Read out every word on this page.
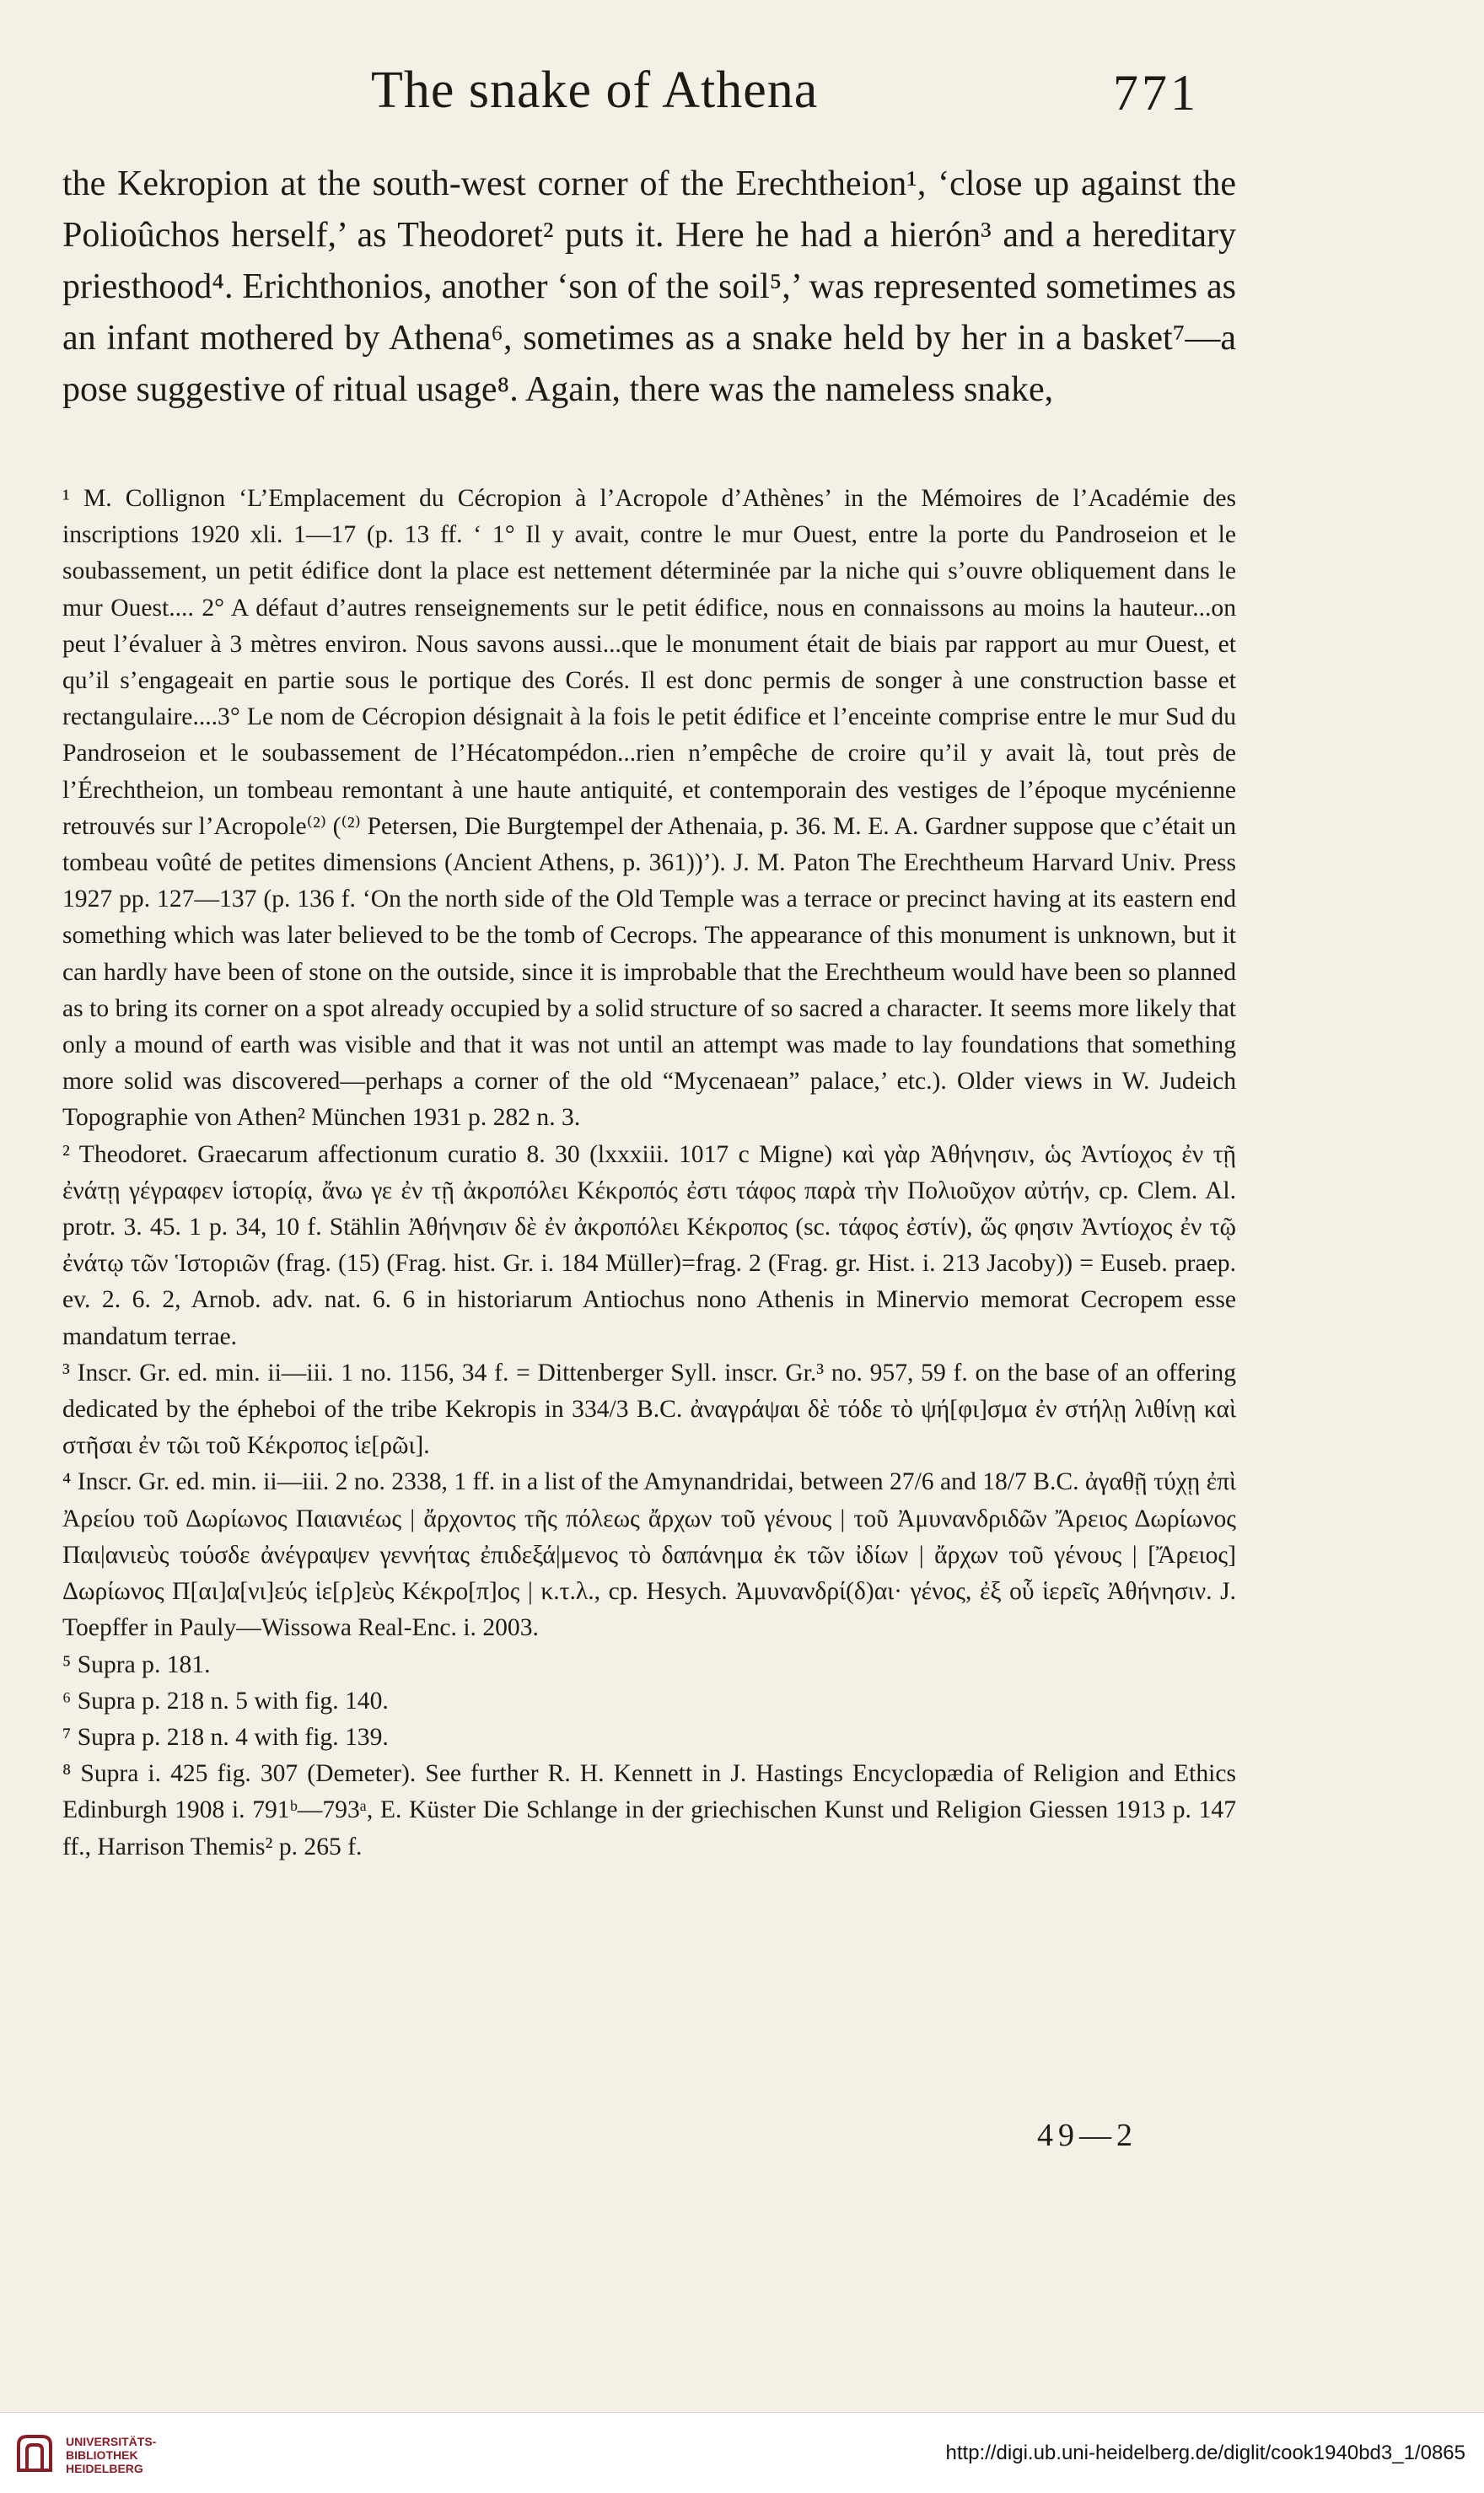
The snake of Athena	771

the Kekropion at the south-west corner of the Erechtheion¹, ‘close up against the Polioûchos herself,’ as Theodoret² puts it. Here he had a hierón³ and a hereditary priesthood⁴. Erichthonios, another ‘son of the soil⁵,’ was represented sometimes as an infant mothered by Athena⁶, sometimes as a snake held by her in a basket⁷—a pose suggestive of ritual usage⁸. Again, there was the nameless snake,

¹ M. Collignon ‘L’Emplacement du Cécropion à l’Acropole d’Athènes’ in the Mémoires de l’Académie des inscriptions 1920 xli. 1—17 (p. 13 ff. ‘ 1° Il y avait, contre le mur Ouest, entre la porte du Pandroseion et le soubassement, un petit édifice dont la place est nettement déterminée par la niche qui s’ouvre obliquement dans le mur Ouest.... 2° A défaut d’autres renseignements sur le petit édifice, nous en connaissons au moins la hauteur...on peut l’évaluer à 3 mètres environ. Nous savons aussi...que le monument était de biais par rapport au mur Ouest, et qu’il s’engageait en partie sous le portique des Corés. Il est donc permis de songer à une construction basse et rectangulaire....3° Le nom de Cécropion désignait à la fois le petit édifice et l’enceinte comprise entre le mur Sud du Pandroseion et le soubassement de l’Hécatompédon...rien n’empêche de croire qu’il y avait là, tout près de l’Érechtheion, un tombeau remontant à une haute antiquité, et contemporain des vestiges de l’époque mycénienne retrouvés sur l’Acropole⁽²⁾ (⁽²⁾ Petersen, Die Burgtempel der Athenaia, p. 36. M. E. A. Gardner suppose que c’était un tombeau voûté de petites dimensions (Ancient Athens, p. 361))’). J. M. Paton The Erechtheum Harvard Univ. Press 1927 pp. 127—137 (p. 136 f. ‘On the north side of the Old Temple was a terrace or precinct having at its eastern end something which was later believed to be the tomb of Cecrops. The appearance of this monument is unknown, but it can hardly have been of stone on the outside, since it is improbable that the Erechtheum would have been so planned as to bring its corner on a spot already occupied by a solid structure of so sacred a character. It seems more likely that only a mound of earth was visible and that it was not until an attempt was made to lay foundations that something more solid was discovered—perhaps a corner of the old “Mycenaean” palace,’ etc.). Older views in W. Judeich Topographie von Athen² München 1931 p. 282 n. 3.

² Theodoret. Graecarum affectionum curatio 8. 30 (lxxxiii. 1017 c Migne) καὶ γὰρ Ἀθήνησιν, ὡς Ἀντίοχος ἐν τῇ ἐνάτῃ γέγραφεν ἱστορίᾳ, ἄνω γε ἐν τῇ ἀκροπόλει Κέκροπός ἐστι τάφος παρὰ τὴν Πολιοῦχον αὐτήν, cp. Clem. Al. protr. 3. 45. 1 p. 34, 10 f. Stählin Ἀθήνησιν δὲ ἐν ἀκροπόλει Κέκροπος (sc. τάφος ἐστίν), ὥς φησιν Ἀντίοχος ἐν τῷ ἐνάτῳ τῶν Ἱστοριῶν (frag. (15) (Frag. hist. Gr. i. 184 Müller)=frag. 2 (Frag. gr. Hist. i. 213 Jacoby)) = Euseb. praep. ev. 2. 6. 2, Arnob. adv. nat. 6. 6 in historiarum Antiochus nono Athenis in Minervio memorat Cecropem esse mandatum terrae.

³ Inscr. Gr. ed. min. ii—iii. 1 no. 1156, 34 f. = Dittenberger Syll. inscr. Gr.³ no. 957, 59 f. on the base of an offering dedicated by the épheboi of the tribe Kekropis in 334/3 B.C. ἀναγράψαι δὲ τόδε τὸ ψή[φι]σμα ἐν στήλῃ λιθίνῃ καὶ στῆσαι ἐν τῶι τοῦ Κέκροπος ἱε[ρῶι].

⁴ Inscr. Gr. ed. min. ii—iii. 2 no. 2338, 1 ff. in a list of the Amynandridai, between 27/6 and 18/7 B.C. ἀγαθῇ τύχῃ ἐπὶ Ἀρείου τοῦ Δωρίωνος Παιανιέως | ἄρχοντος τῆς πόλεως ἄρχων τοῦ γένους | τοῦ Ἀμυνανδριδῶν Ἄρειος Δωρίωνος Παι|ανιεὺς τούσδε ἀνέγραψεν γεννήτας ἐπιδεξά|μενος τὸ δαπάνημα ἐκ τῶν ἰδίων | ἄρχων τοῦ γένους | [Ἄρειος] Δωρίωνος Π[αι]α[νι]εύς ἱε[ρ]εὺς Κέκρο[π]ος | κ.τ.λ., cp. Hesych. Ἀμυνανδρί(δ)αι· γένος, ἐξ οὗ ἱερεῖς Ἀθήνησιν. J. Toepffer in Pauly—Wissowa Real-Enc. i. 2003.

⁵ Supra p. 181.

⁶ Supra p. 218 n. 5 with fig. 140.

⁷ Supra p. 218 n. 4 with fig. 139.

⁸ Supra i. 425 fig. 307 (Demeter). See further R. H. Kennett in J. Hastings Encyclopædia of Religion and Ethics Edinburgh 1908 i. 791ᵇ—793ᵃ, E. Küster Die Schlange in der griechischen Kunst und Religion Giessen 1913 p. 147 ff., Harrison Themis² p. 265 f.

49—2
UNIVERSITÄTS-
BIBLIOTHEK
HEIDELBERG
http://digi.ub.uni-heidelberg.de/diglit/cook1940bd3_1/0865
